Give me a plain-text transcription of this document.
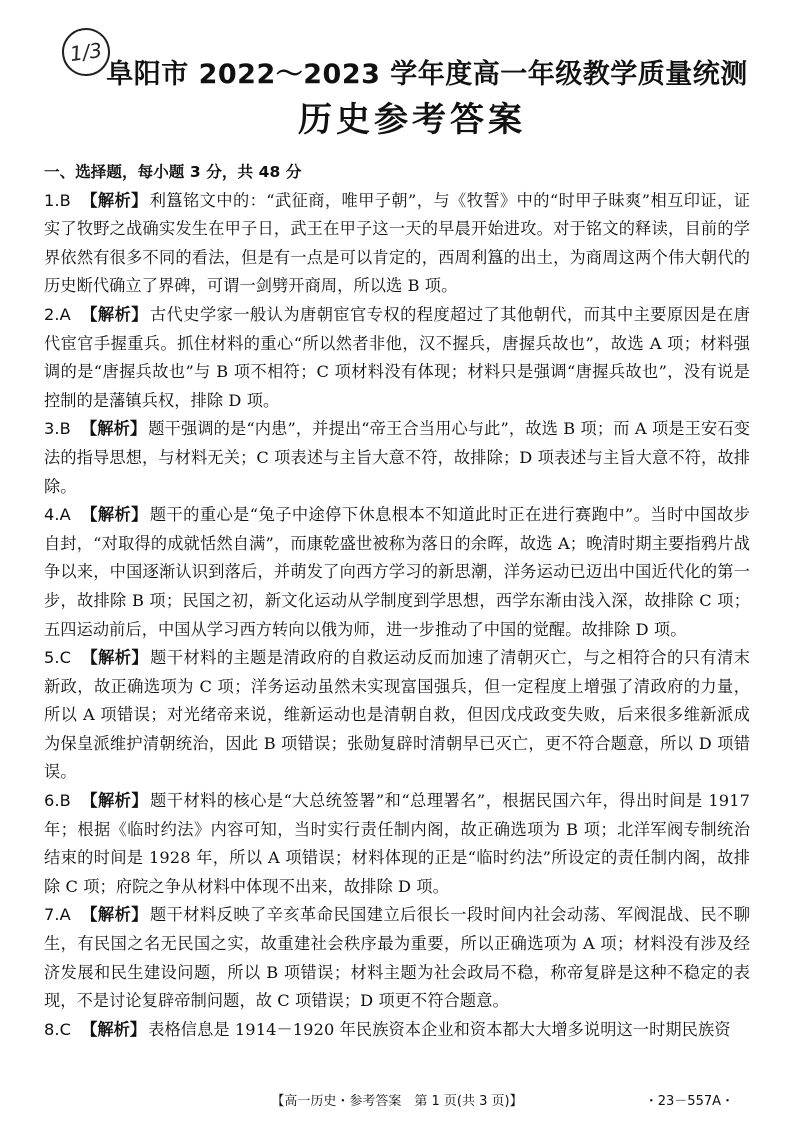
1/3
阜阳市 2022～2023 学年度高一年级教学质量统测
历史参考答案
一、选择题，每小题 3 分，共 48 分

1.B 【解析】 利簋铭文中的：“武征商，唯甲子朝”，与《牧誓》中的“时甲子昧爽”相互印证，证实了牧野之战确实发生在甲子日，武王在甲子这一天的早晨开始进攻。对于铭文的释读，目前的学界依然有很多不同的看法，但是有一点是可以肯定的，西周利簋的出土，为商周这两个伟大朝代的历史断代确立了界碑，可谓一剑劈开商周，所以选 B 项。

2.A 【解析】 古代史学家一般认为唐朝宦官专权的程度超过了其他朝代，而其中主要原因是在唐代宦官手握重兵。抓住材料的重心“所以然者非他，汉不握兵，唐握兵故也”，故选 A 项；材料强调的是“唐握兵故也”与 B 项不相符；C 项材料没有体现；材料只是强调“唐握兵故也”，没有说是控制的是藩镇兵权，排除 D 项。

3.B 【解析】 题干强调的是“内患”，并提出“帝王合当用心与此”，故选 B 项；而 A 项是王安石变法的指导思想，与材料无关；C 项表述与主旨大意不符，故排除；D 项表述与主旨大意不符，故排除。

4.A 【解析】 题干的重心是“兔子中途停下休息根本不知道此时正在进行赛跑中”。当时中国故步自封，“对取得的成就恬然自满”，而康乾盛世被称为落日的余晖，故选 A；晚清时期主要指鸦片战争以来，中国逐渐认识到落后，并萌发了向西方学习的新思潮，洋务运动已迈出中国近代化的第一步，故排除 B 项；民国之初，新文化运动从学制度到学思想，西学东渐由浅入深，故排除 C 项；五四运动前后，中国从学习西方转向以俄为师，进一步推动了中国的觉醒。故排除 D 项。

5.C 【解析】 题干材料的主题是清政府的自救运动反而加速了清朝灭亡，与之相符合的只有清末新政，故正确选项为 C 项；洋务运动虽然未实现富国强兵，但一定程度上增强了清政府的力量，所以 A 项错误；对光绪帝来说，维新运动也是清朝自救，但因戊戌政变失败，后来很多维新派成为保皇派维护清朝统治，因此 B 项错误；张勋复辟时清朝早已灭亡，更不符合题意，所以 D 项错误。

6.B 【解析】 题干材料的核心是“大总统签署”和“总理署名”，根据民国六年，得出时间是 1917 年；根据《临时约法》内容可知，当时实行责任制内阁，故正确选项为 B 项；北洋军阀专制统治结束的时间是 1928 年，所以 A 项错误；材料体现的正是“临时约法”所设定的责任制内阁，故排除 C 项；府院之争从材料中体现不出来，故排除 D 项。

7.A 【解析】 题干材料反映了辛亥革命民国建立后很长一段时间内社会动荡、军阀混战、民不聊生，有民国之名无民国之实，故重建社会秩序最为重要，所以正确选项为 A 项；材料没有涉及经济发展和民生建设问题，所以 B 项错误；材料主题为社会政局不稳，称帝复辟是这种不稳定的表现，不是讨论复辟帝制问题，故 C 项错误；D 项更不符合题意。

8.C 【解析】 表格信息是 1914－1920 年民族资本企业和资本都大大增多说明这一时期民族资

【高一历史・参考答案　第 1 页(共 3 页)】	・23－557A・
